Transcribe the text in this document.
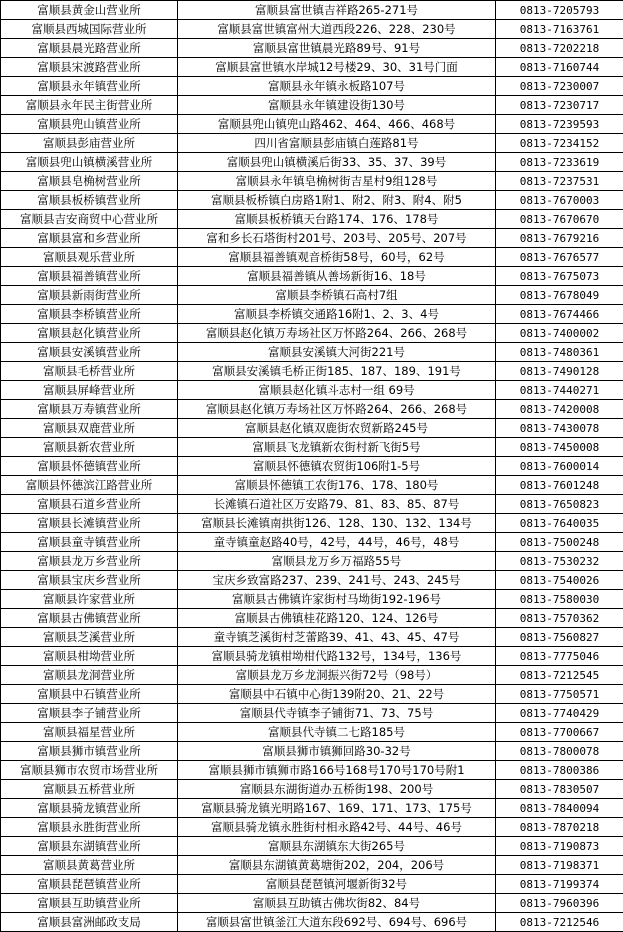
富顺县黄金山营业所	富顺县富世镇吉祥路265-271号	0813-7205793
富顺县西城国际营业所	富顺县富世镇富州大道西段226、228、230号	0813-7163761
富顺县晨光路营业所	富顺县富世镇晨光路89号、91号	0813-7202218
富顺县宋渡路营业所	富顺县富世镇水岸城12号楼29、30、31号门面	0813-7160744
富顺县永年镇营业所	富顺县永年镇永板路107号	0813-7230007
富顺县永年民主街营业所	富顺县永年镇建设街130号	0813-7230717
富顺县兜山镇营业所	富顺县兜山镇兜山路462、464、466、468号	0813-7239593
富顺县彭庙营业所	四川省富顺县彭庙镇白莲路81号	0813-7234152
富顺县兜山镇横溪营业所	富顺县兜山镇横溪后街33、35、37、39号	0813-7233619
富顺县皂桷树营业所	富顺县永年镇皂桷树街吉星村9组128号	0813-7237531
富顺县板桥镇营业所	富顺县板桥镇白房路1附1、附2、附3、附4、附5	0813-7670003
富顺县吉安商贸中心营业所	富顺县板桥镇天台路174、176、178号	0813-7670670
富顺县富和乡营业所	富和乡长石塔街村201号、203号、205号、207号	0813-7679216
富顺县观乐营业所	富顺县福善镇观音桥街58号，60号，62号	0813-7676577
富顺县福善镇营业所	富顺县福善镇从善场新街16、18号	0813-7675073
富顺县新雨街营业所	富顺县李桥镇石高村7组	0813-7678049
富顺县李桥镇营业所	富顺县李桥镇交通路16附1、2、3、4号	0813-7674466
富顺县赵化镇营业所	富顺县赵化镇万寿场社区万怀路264、266、268号	0813-7400002
富顺县安溪镇营业所	富顺县安溪镇大河街221号	0813-7480361
富顺县毛桥营业所	富顺县安溪镇毛桥正街185、187、189、191号	0813-7490128
富顺县屏峰营业所	富顺县赵化镇斗志村一组 69号	0813-7440271
富顺县万寿镇营业所	富顺县赵化镇万寿场社区万怀路264、266、268号	0813-7420008
富顺县双鹿营业所	富顺县赵化镇双鹿街农贸新路245号	0813-7430078
富顺县新农营业所	富顺县飞龙镇新农街村新飞街5号	0813-7450008
富顺县怀德镇营业所	富顺县怀德镇农贸街106附1-5号	0813-7600014
富顺县怀德滨江路营业所	富顺县怀德镇工农街176、178、180号	0813-7601248
富顺县石道乡营业所	长滩镇石道社区万安路79、81、83、85、87号	0813-7650823
富顺县长滩镇营业所	富顺县长滩镇南拱街126、128、130、132、134号	0813-7640035
富顺县童寺镇营业所	童寺镇童赵路40号，42号，44号，46号，48号	0813-7500248
富顺县龙万乡营业所	富顺县龙万乡万福路55号	0813-7530232
富顺县宝庆乡营业所	宝庆乡致富路237、239、241号、243、245号	0813-7540026
富顺县许家营业所	富顺县古佛镇许家街村马坳街192-196号	0813-7580030
富顺县古佛镇营业所	富顺县古佛镇桂花路120、124、126号	0813-7570362
富顺县芝溪营业所	童寺镇芝溪街村芝蕾路39、41、43、45、47号	0813-7560827
富顺县柑坳营业所	富顺县骑龙镇柑坳柑代路132号，134号，136号	0813-7775046
富顺县龙洞营业所	富顺县龙万乡龙洞振兴街72号（98号）	0813-7212545
富顺县中石镇营业所	富顺县中石镇中心街139附20、21、22号	0813-7750571
富顺县李子铺营业所	富顺县代寺镇李子铺街71、73、75号	0813-7740429
富顺县福星营业所	富顺县代寺镇二七路185号	0813-7700667
富顺县狮市镇营业所	富顺县狮市镇狮回路30-32号	0813-7800078
富顺县狮市农贸市场营业所	富顺县狮市镇狮市路166号168号170号170号附1	0813-7800386
富顺县五桥营业所	富顺县东湖街道办五桥街198、200号	0813-7830507
富顺县骑龙镇营业所	富顺县骑龙镇光明路167、169、171、173、175号	0813-7840094
富顺县永胜街营业所	富顺县骑龙镇永胜街村相永路42号、44号、46号	0813-7870218
富顺县东湖镇营业所	富顺县东湖镇东大街265号	0813-7190873
富顺县黄葛营业所	富顺县东湖镇黄葛塘街202，204，206号	0813-7198371
富顺县琵琶镇营业所	富顺县琵琶镇河堰新街32号	0813-7199374
富顺县互助镇营业所	富顺县互助镇古佛坎街82、84号	0813-7960396
富顺县富洲邮政支局	富顺县富世镇釜江大道东段692号、694号、696号	0813-7212546
